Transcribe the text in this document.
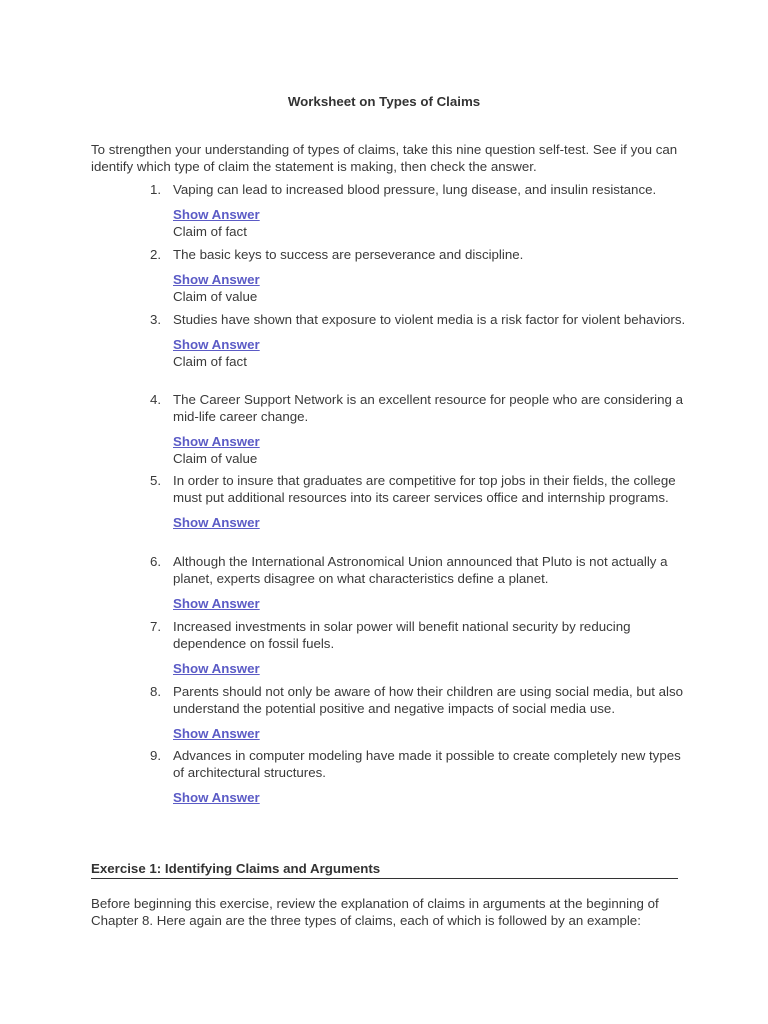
Worksheet on Types of Claims
To strengthen your understanding of types of claims, take this nine question self-test. See if you can identify which type of claim the statement is making, then check the answer.
1. Vaping can lead to increased blood pressure, lung disease, and insulin resistance.
Show Answer
Claim of fact
2. The basic keys to success are perseverance and discipline.
Show Answer
Claim of value
3. Studies have shown that exposure to violent media is a risk factor for violent behaviors.
Show Answer
Claim of fact
4. The Career Support Network is an excellent resource for people who are considering a mid-life career change.
Show Answer
Claim of value
5. In order to insure that graduates are competitive for top jobs in their fields, the college must put additional resources into its career services office and internship programs.
Show Answer
6. Although the International Astronomical Union announced that Pluto is not actually a planet, experts disagree on what characteristics define a planet.
Show Answer
7. Increased investments in solar power will benefit national security by reducing dependence on fossil fuels.
Show Answer
8. Parents should not only be aware of how their children are using social media, but also understand the potential positive and negative impacts of social media use.
Show Answer
9. Advances in computer modeling have made it possible to create completely new types of architectural structures.
Show Answer
Exercise 1: Identifying Claims and Arguments
Before beginning this exercise, review the explanation of claims in arguments at the beginning of Chapter 8. Here again are the three types of claims, each of which is followed by an example:
